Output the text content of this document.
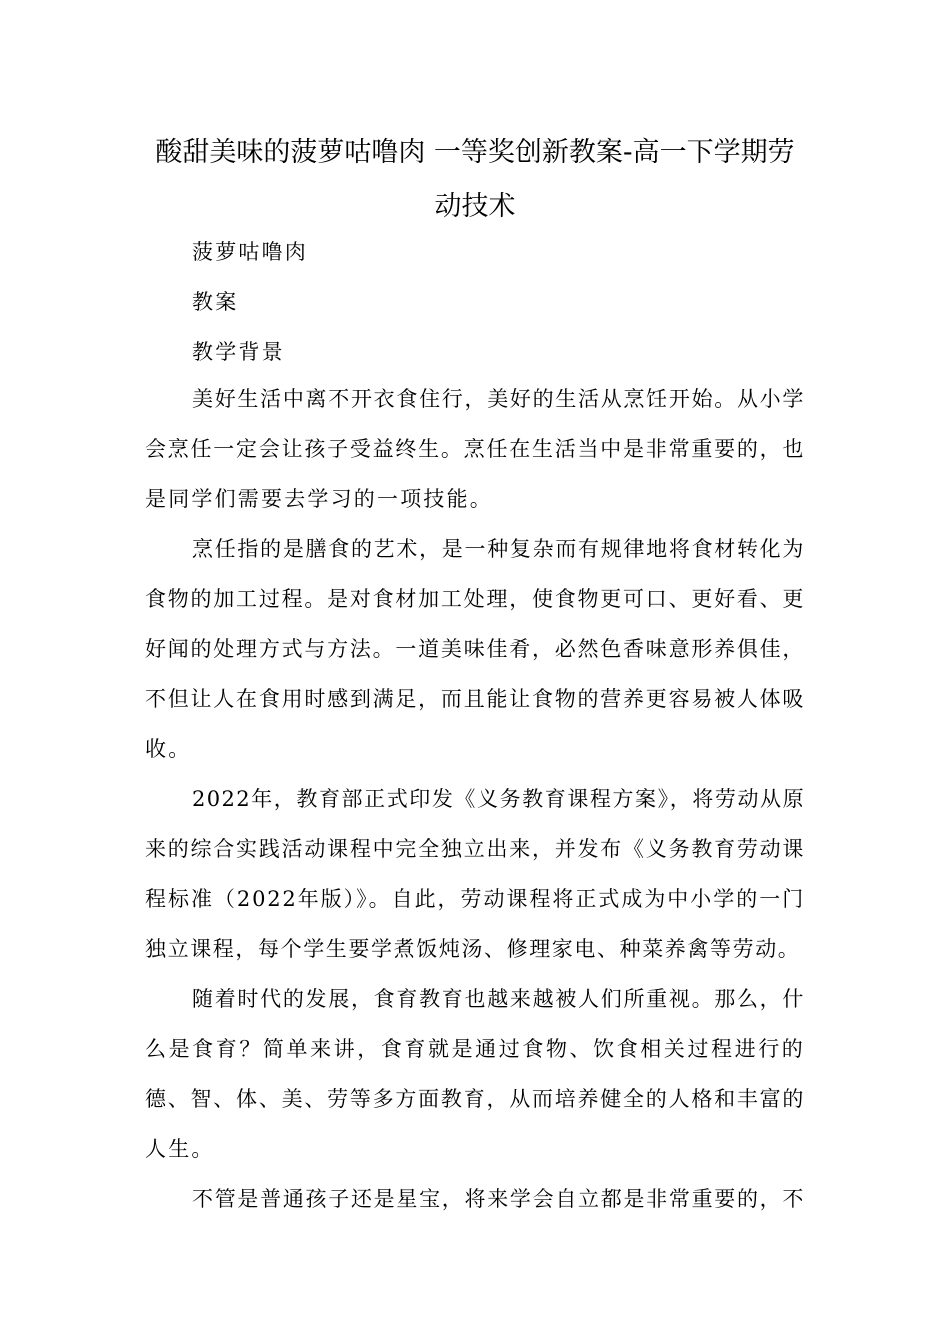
酸甜美味的菠萝咕噜肉 一等奖创新教案-高一下学期劳
动技术
菠萝咕噜肉
教案
教学背景
美好生活中离不开衣食住行，美好的生活从烹饪开始。从小学
会烹任一定会让孩子受益终生。烹任在生活当中是非常重要的，也
是同学们需要去学习的一项技能。
烹任指的是膳食的艺术，是一种复杂而有规律地将食材转化为
食物的加工过程。是对食材加工处理，使食物更可口、更好看、更
好闻的处理方式与方法。一道美味佳肴，必然色香味意形养俱佳，
不但让人在食用时感到满足，而且能让食物的营养更容易被人体吸
收。
2022年，教育部正式印发《义务教育课程方案》，将劳动从原
来的综合实践活动课程中完全独立出来，并发布《义务教育劳动课
程标准（2022年版）》。自此，劳动课程将正式成为中小学的一门
独立课程，每个学生要学煮饭炖汤、修理家电、种菜养禽等劳动。
随着时代的发展，食育教育也越来越被人们所重视。那么，什
么是食育？简单来讲，食育就是通过食物、饮食相关过程进行的
德、智、体、美、劳等多方面教育，从而培养健全的人格和丰富的
人生。
不管是普通孩子还是星宝，将来学会自立都是非常重要的，不
